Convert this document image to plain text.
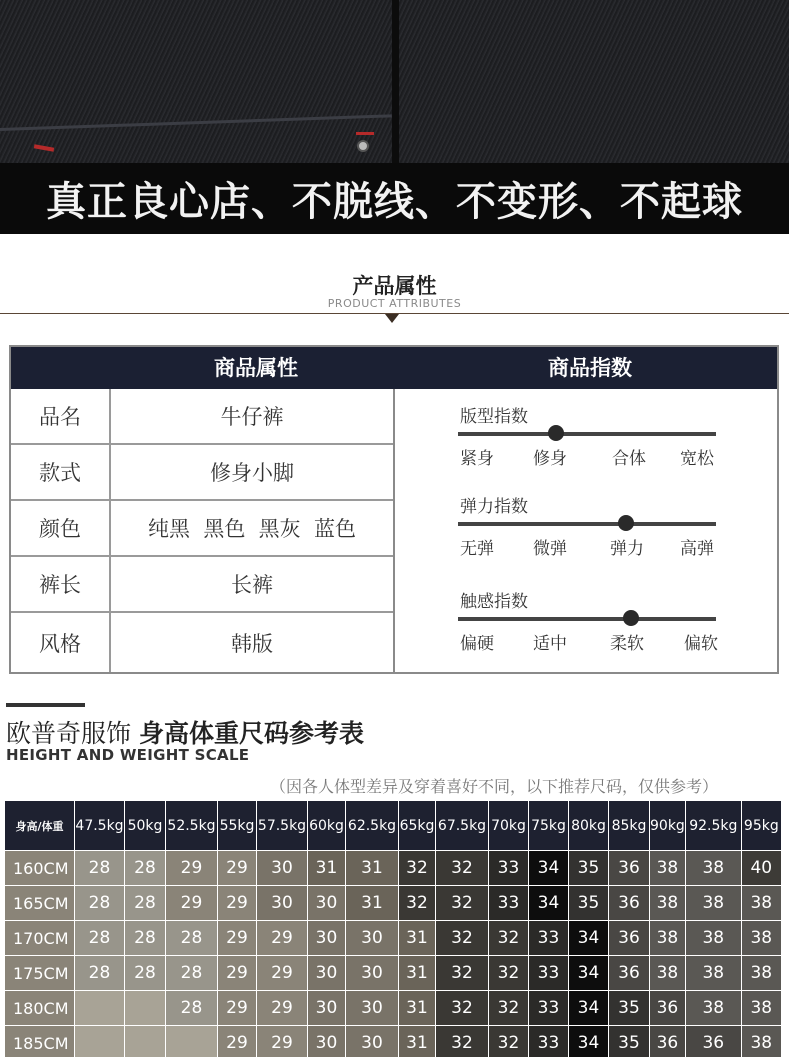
真正良心店、不脱线、不变形、不起球
产品属性
PRODUCT ATTRIBUTES
商品属性	商品指数
品名	牛仔裤
款式	修身小脚
颜色	纯黑  黑色  黑灰  蓝色
裤长	长裤
风格	韩版
版型指数
紧身 修身	合体 宽松
弹力指数
无弹 微弹	弹力 高弹
触感指数
偏硬 适中	柔软 偏软
欧普奇服饰 身高体重尺码参考表
HEIGHT AND WEIGHT SCALE
（因各人体型差异及穿着喜好不同，以下推荐尺码，仅供参考）
身高/体重	47.5kg	50kg	52.5kg	55kg	57.5kg	60kg	62.5kg	65kg	67.5kg	70kg	75kg	80kg	85kg	90kg	92.5kg	95kg
160CM	28	28	29	29	30	31	31	32	32	33	34	35	36	38	38	40
165CM	28	28	29	29	30	30	31	32	32	33	34	35	36	38	38	38
170CM	28	28	28	29	29	30	30	31	32	32	33	34	36	38	38	38
175CM	28	28	28	29	29	30	30	31	32	32	33	34	36	38	38	38
180CM			28	29	29	30	30	31	32	32	33	34	35	36	38	38
185CM				29	29	30	30	31	32	32	33	34	35	36	36	38
